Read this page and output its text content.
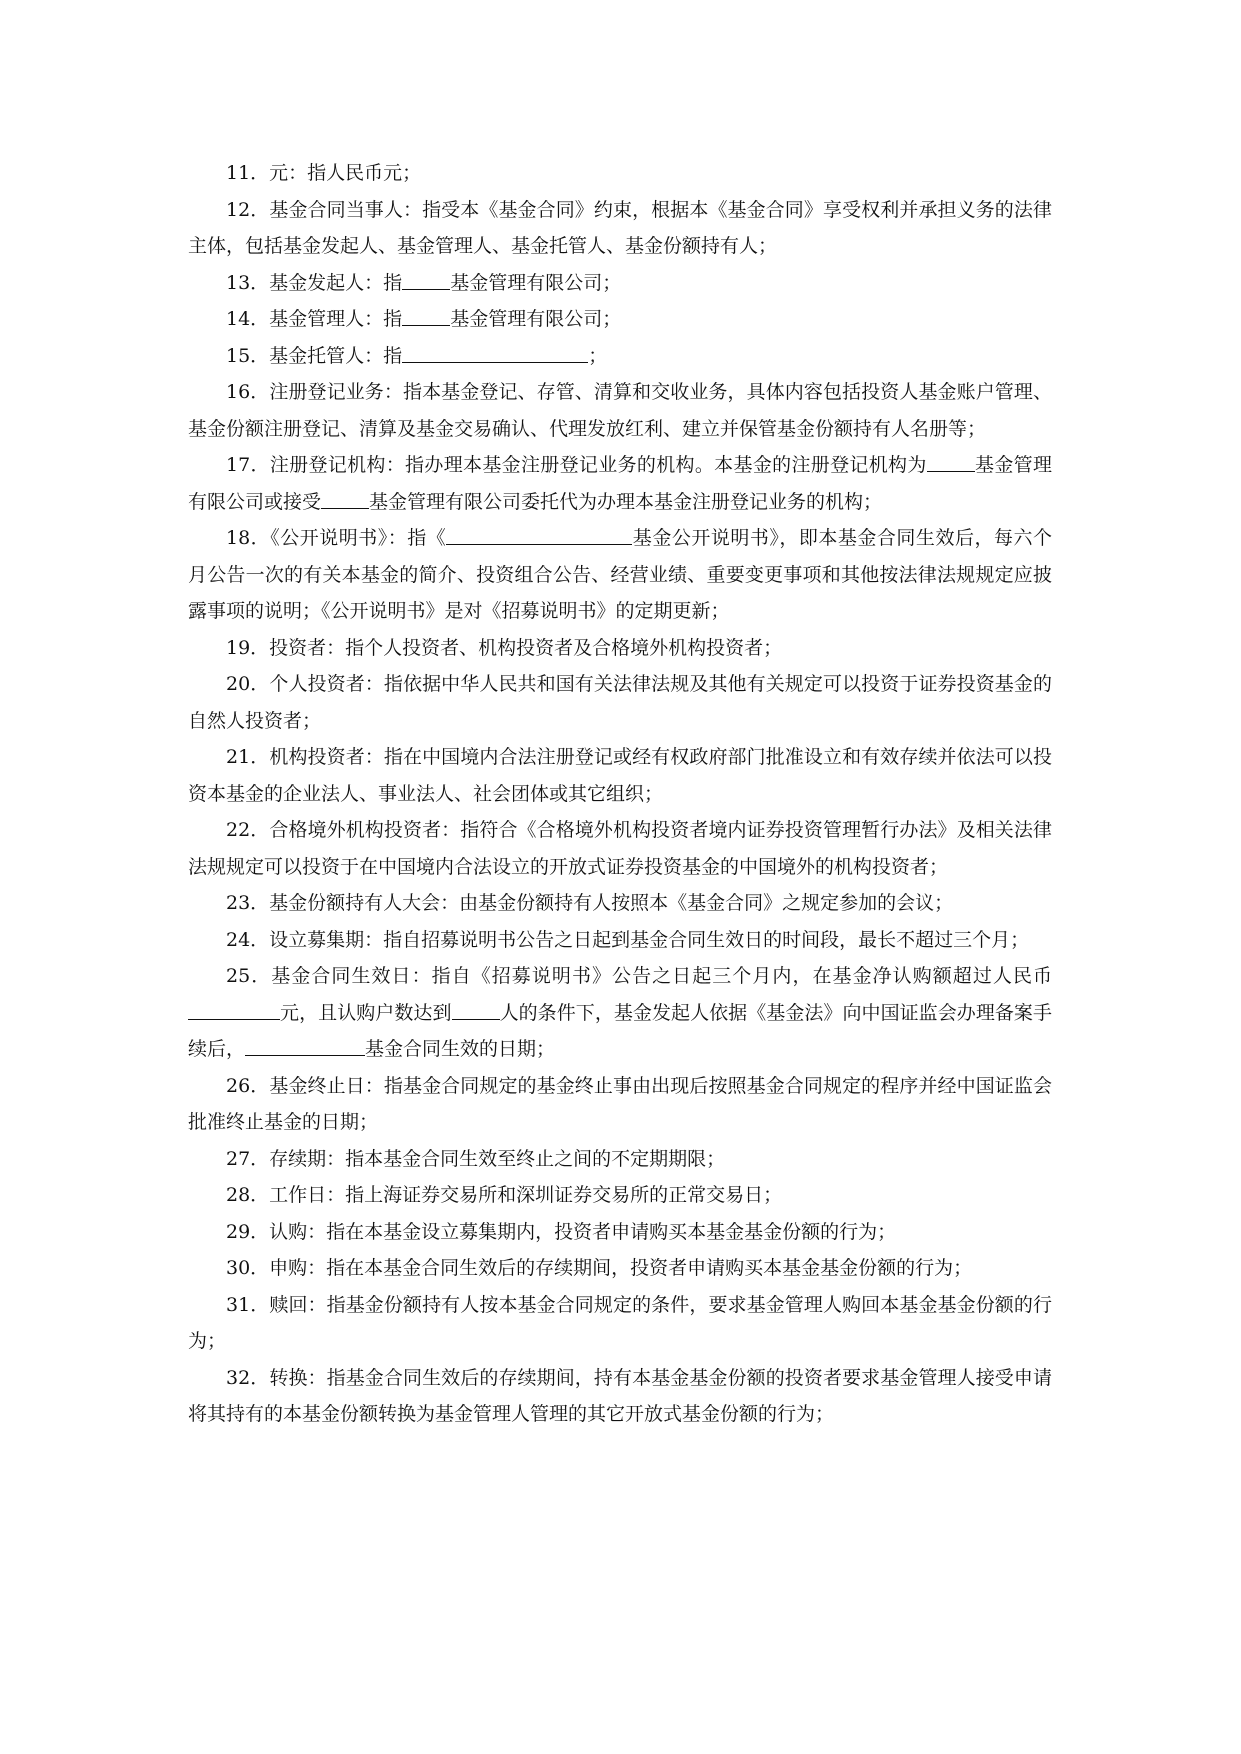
11．元：指人民币元；

12．基金合同当事人：指受本《基金合同》约束，根据本《基金合同》享受权利并承担义务的法律主体，包括基金发起人、基金管理人、基金托管人、基金份额持有人；

13．基金发起人：指	基金管理有限公司；

14．基金管理人：指	基金管理有限公司；

15．基金托管人：指	；

16．注册登记业务：指本基金登记、存管、清算和交收业务，具体内容包括投资人基金账户管理、基金份额注册登记、清算及基金交易确认、代理发放红利、建立并保管基金份额持有人名册等；

17．注册登记机构：指办理本基金注册登记业务的机构。本基金的注册登记机构为	基金管理有限公司或接受	基金管理有限公司委托代为办理本基金注册登记业务的机构；

18．《公开说明书》：指《	基金公开说明书》，即本基金合同生效后，每六个月公告一次的有关本基金的简介、投资组合公告、经营业绩、重要变更事项和其他按法律法规规定应披露事项的说明；《公开说明书》是对《招募说明书》的定期更新；

19．投资者：指个人投资者、机构投资者及合格境外机构投资者；

20．个人投资者：指依据中华人民共和国有关法律法规及其他有关规定可以投资于证券投资基金的自然人投资者；

21．机构投资者：指在中国境内合法注册登记或经有权政府部门批准设立和有效存续并依法可以投资本基金的企业法人、事业法人、社会团体或其它组织；

22．合格境外机构投资者：指符合《合格境外机构投资者境内证券投资管理暂行办法》及相关法律法规规定可以投资于在中国境内合法设立的开放式证券投资基金的中国境外的机构投资者；

23．基金份额持有人大会：由基金份额持有人按照本《基金合同》之规定参加的会议；

24．设立募集期：指自招募说明书公告之日起到基金合同生效日的时间段，最长不超过三个月；

25．基金合同生效日：指自《招募说明书》公告之日起三个月内，在基金净认购额超过人民币元，且认购户数达到	人的条件下，基金发起人依据《基金法》向中国证监会办理备案手续后，	基金合同生效的日期；

26．基金终止日：指基金合同规定的基金终止事由出现后按照基金合同规定的程序并经中国证监会批准终止基金的日期；

27．存续期：指本基金合同生效至终止之间的不定期期限；

28．工作日：指上海证券交易所和深圳证券交易所的正常交易日；

29．认购：指在本基金设立募集期内，投资者申请购买本基金基金份额的行为；

30．申购：指在本基金合同生效后的存续期间，投资者申请购买本基金基金份额的行为；

31．赎回：指基金份额持有人按本基金合同规定的条件，要求基金管理人购回本基金基金份额的行为；

32．转换：指基金合同生效后的存续期间，持有本基金基金份额的投资者要求基金管理人接受申请将其持有的本基金份额转换为基金管理人管理的其它开放式基金份额的行为；
